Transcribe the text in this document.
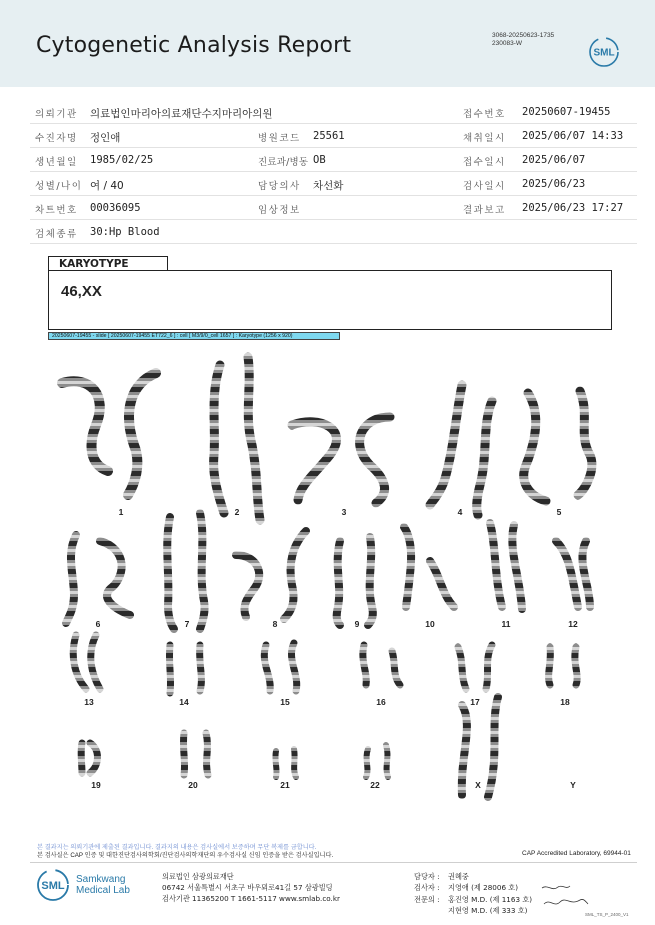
Cytogenetic Analysis Report	3068-20250623-1735
230083-W
SML
의뢰기관 의료법인마리아의료재단수지마리아의원	접수번호 20250607-19455
수진자명 정인애	병원코드 25561	채취일시 2025/06/07 14:33
생년월일 1985/02/25	진료과/병동 OB	접수일시 2025/06/07
성별/나이 여 / 40	담당의사 차선화	검사일시 2025/06/23
차트번호 00036095	임상정보	결과보고 2025/06/23 17:27
검체종류 30:Hp Blood
KARYOTYPE
46,XX
20250607-19455 - slide [ 20250607-19455 ET722_6 ] : cell [ M3/9/0_cell 1657 ] : Karyotype (1256 x 920)
1	2	3	4	5
6	7	8	9	10	11	12
13	14	15	16	17	18
19	20	21	22	X	Y
본 결과지는 의뢰기관에 제출된 결과입니다. 결과지의 내용은 검사실에서 보증하며 무단 복제를 금합니다.
본 검사실은 CAP 인증 및 대한진단검사의학회/진단검사의학재단의 우수검사실 신임 인증을 받은 검사실입니다.	CAP Accredited Laboratory, 69944-01
SML
Samkwang
Medical Lab
의료법인 삼광의료재단
06742 서울특별시 서초구 바우뫼로41길 57 삼광빌딩
검사기관 11365200 T 1661-5117 www.smlab.co.kr
담당자 : 권혜중
검사자 : 지영애 (제 28006 호)
전문의 : 홍진영 M.D. (제 1163 호)
지현영 M.D. (제 333 호)	SML_TS_P_2400_V1
